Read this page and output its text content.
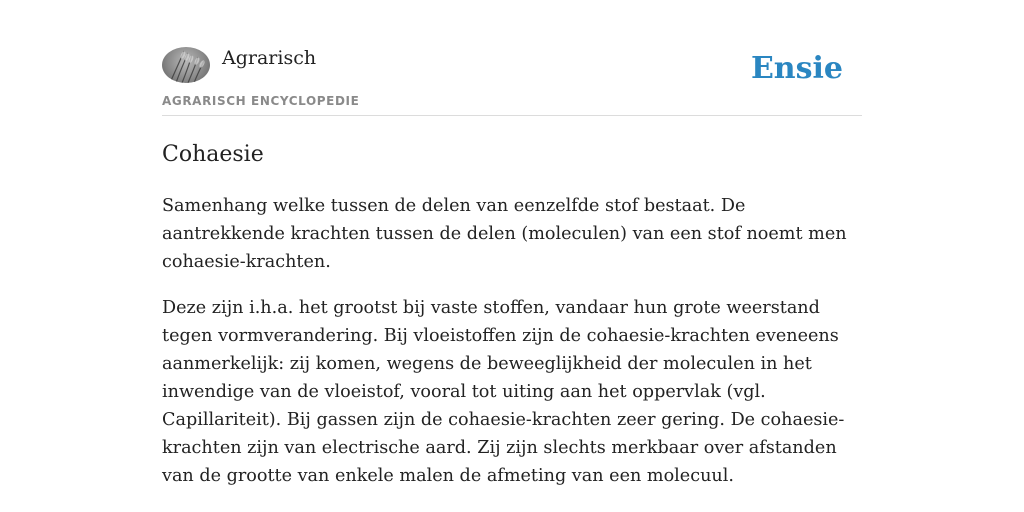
Agrarisch
AGRARISCH ENCYCLOPEDIE
Ensie
Cohaesie

Samenhang welke tussen de delen van eenzelfde stof bestaat. De aantrekkende krachten tussen de delen (moleculen) van een stof noemt men cohaesie-krachten.

Deze zijn i.h.a. het grootst bij vaste stoffen, vandaar hun grote weerstand tegen vormverandering. Bij vloeistoffen zijn de cohaesie-krachten eveneens aanmerkelijk: zij komen, wegens de beweeglijkheid der moleculen in het inwendige van de vloeistof, vooral tot uiting aan het oppervlak (vgl. Capillariteit). Bij gassen zijn de cohaesie-krachten zeer gering. De cohaesie-krachten zijn van electrische aard. Zij zijn slechts merkbaar over afstanden van de grootte van enkele malen de afmeting van een molecuul.
